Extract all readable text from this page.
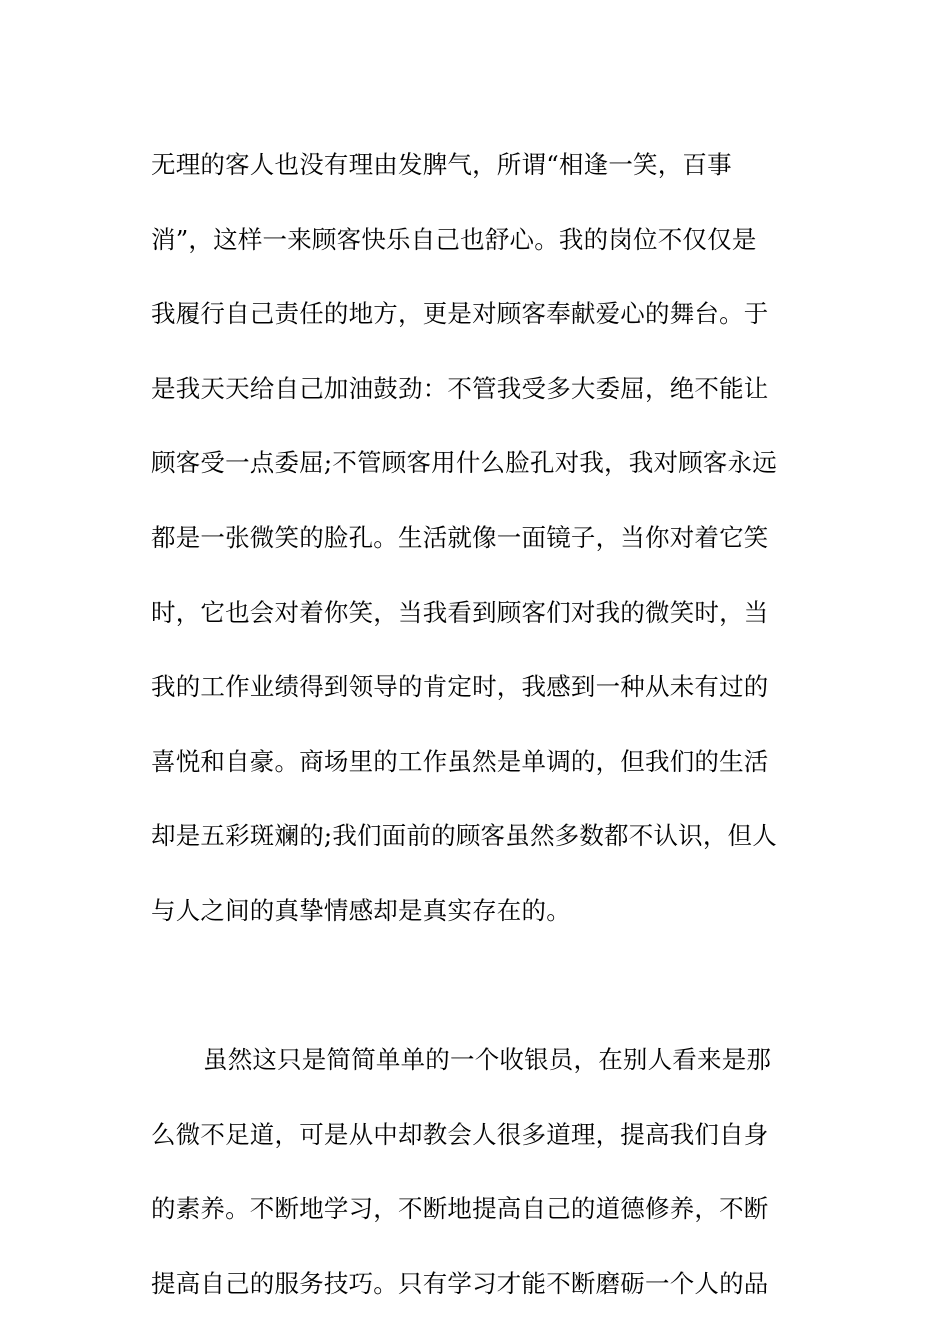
无理的客人也没有理由发脾气，所谓“相逢一笑，百事
消”，这样一来顾客快乐自己也舒心。我的岗位不仅仅是
我履行自己责任的地方，更是对顾客奉献爱心的舞台。于
是我天天给自己加油鼓劲：不管我受多大委屈，绝不能让
顾客受一点委屈;不管顾客用什么脸孔对我，我对顾客永远
都是一张微笑的脸孔。生活就像一面镜子，当你对着它笑
时，它也会对着你笑，当我看到顾客们对我的微笑时，当
我的工作业绩得到领导的肯定时，我感到一种从未有过的
喜悦和自豪。商场里的工作虽然是单调的，但我们的生活
却是五彩斑斓的;我们面前的顾客虽然多数都不认识，但人
与人之间的真挚情感却是真实存在的。
虽然这只是简简单单的一个收银员，在别人看来是那
么微不足道，可是从中却教会人很多道理，提高我们自身
的素养。不断地学习，不断地提高自己的道德修养，不断
提高自己的服务技巧。只有学习才能不断磨砺一个人的品
